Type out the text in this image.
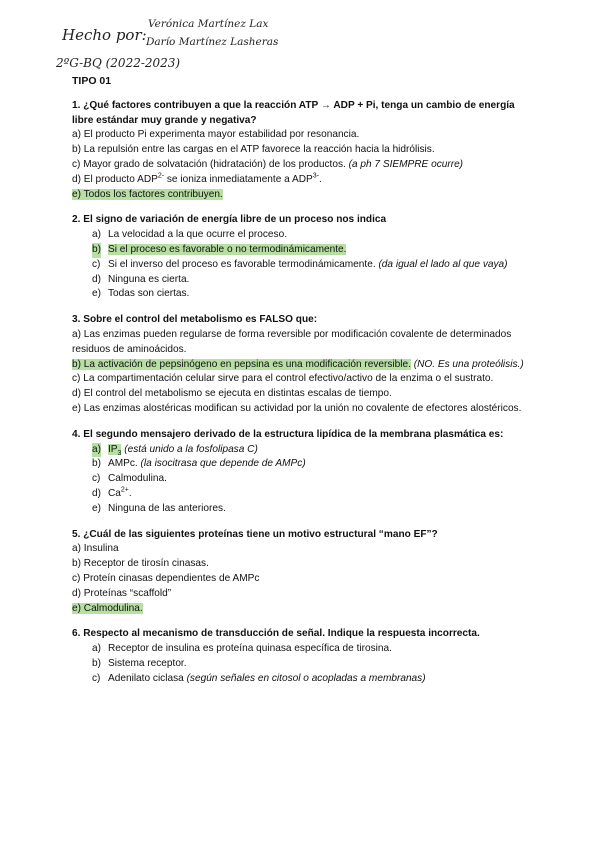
Hecho por:
Verónica Martínez Lax
Darío Martínez Lasheras
2ºG-BQ (2022-2023)
TIPO 01

1. ¿Qué factores contribuyen a que la reacción ATP → ADP + Pi, tenga un cambio de energía libre estándar muy grande y negativa?

a) El producto Pi experimenta mayor estabilidad por resonancia.

b) La repulsión entre las cargas en el ATP favorece la reacción hacia la hidrólisis.

c) Mayor grado de solvatación (hidratación) de los productos. (a ph 7 SIEMPRE ocurre)

d) El producto $ADP^{2-}$ se ioniza inmediatamente a $ADP^{3-}$.

e) Todos los factores contribuyen.

2. El signo de variación de energía libre de un proceso nos indica

a) La velocidad a la que ocurre el proceso.

b) Si el proceso es favorable o no termodinámicamente.

c) Si el inverso del proceso es favorable termodinámicamente. (da igual el lado al que vaya)

d) Ninguna es cierta.

e) Todas son ciertas.

3. Sobre el control del metabolismo es FALSO que:

a) Las enzimas pueden regularse de forma reversible por modificación covalente de determinados residuos de aminoácidos.

b) La activación de pepsinógeno en pepsina es una modificación reversible. (NO. Es una proteólisis.)

c) La compartimentación celular sirve para el control efectivo/activo de la enzima o el sustrato.

d) El control del metabolismo se ejecuta en distintas escalas de tiempo.

e) Las enzimas alostéricas modifican su actividad por la unión no covalente de efectores alostéricos.

4. El segundo mensajero derivado de la estructura lipídica de la membrana plasmática es:

a) $IP_3$ (está unido a la fosfolipasa C)

b) AMPc. (la isocitrasa que depende de AMPc)

c) Calmodulina.

d) $Ca^{2+}$.

e) Ninguna de las anteriores.

5. ¿Cuál de las siguientes proteínas tiene un motivo estructural “mano EF”?

a) Insulina

b) Receptor de tirosín cinasas.

c) Proteín cinasas dependientes de AMPc

d) Proteínas “scaffold”

e) Calmodulina.

6. Respecto al mecanismo de transducción de señal. Indique la respuesta incorrecta.

a) Receptor de insulina es proteína quinasa específica de tirosina.

b) Sistema receptor.

c) Adenilato ciclasa (según señales en citosol o acopladas a membranas)
